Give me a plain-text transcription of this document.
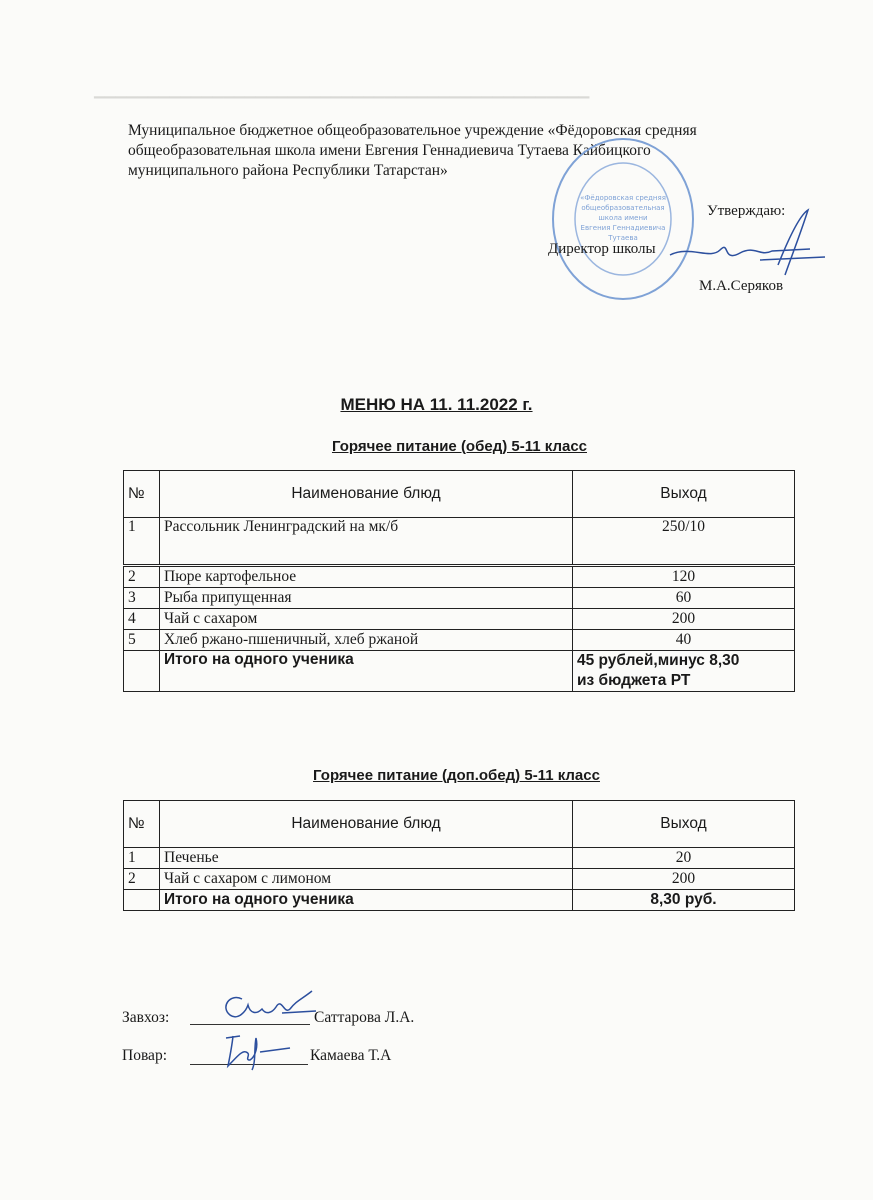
▁▁▁▁▁▁▁▁▁▁▁▁▁▁▁▁▁▁▁▁▁▁▁▁▁▁▁▁▁▁▁▁▁▁▁▁▁▁▁▁▁▁▁▁▁▁
Муниципальное бюджетное общеобразовательное учреждение «Фёдоровская средняя
общеобразовательная школа имени Евгения Геннадиевича Тутаева Кайбицкого
муниципального района Республики Татарстан»
«Фёдоровская средняя
общеобразовательная
школа имени
Евгения Геннадиевича
Тутаева
Утверждаю:
Директор школы
М.А.Серяков
МЕНЮ НА 11. 11.2022 г.
Горячее питание (обед) 5-11 класс
№	Наименование блюд	Выход
1	Рассольник Ленинградский на мк/б	250/10
2	Пюре картофельное	120
3	Рыба припущенная	60
4	Чай с сахаром	200
5	Хлеб ржано-пшеничный, хлеб ржаной	40
	Итого на одного ученика	45 рублей,минус 8,30
из бюджета РТ
Горячее питание (доп.обед) 5-11 класс
№	Наименование блюд	Выход
1	Печенье	20
2	Чай с сахаром с лимоном	200
	Итого на одного ученика	8,30 руб.
Завхоз:	Саттарова Л.А.
Повар:	Камаева Т.А
